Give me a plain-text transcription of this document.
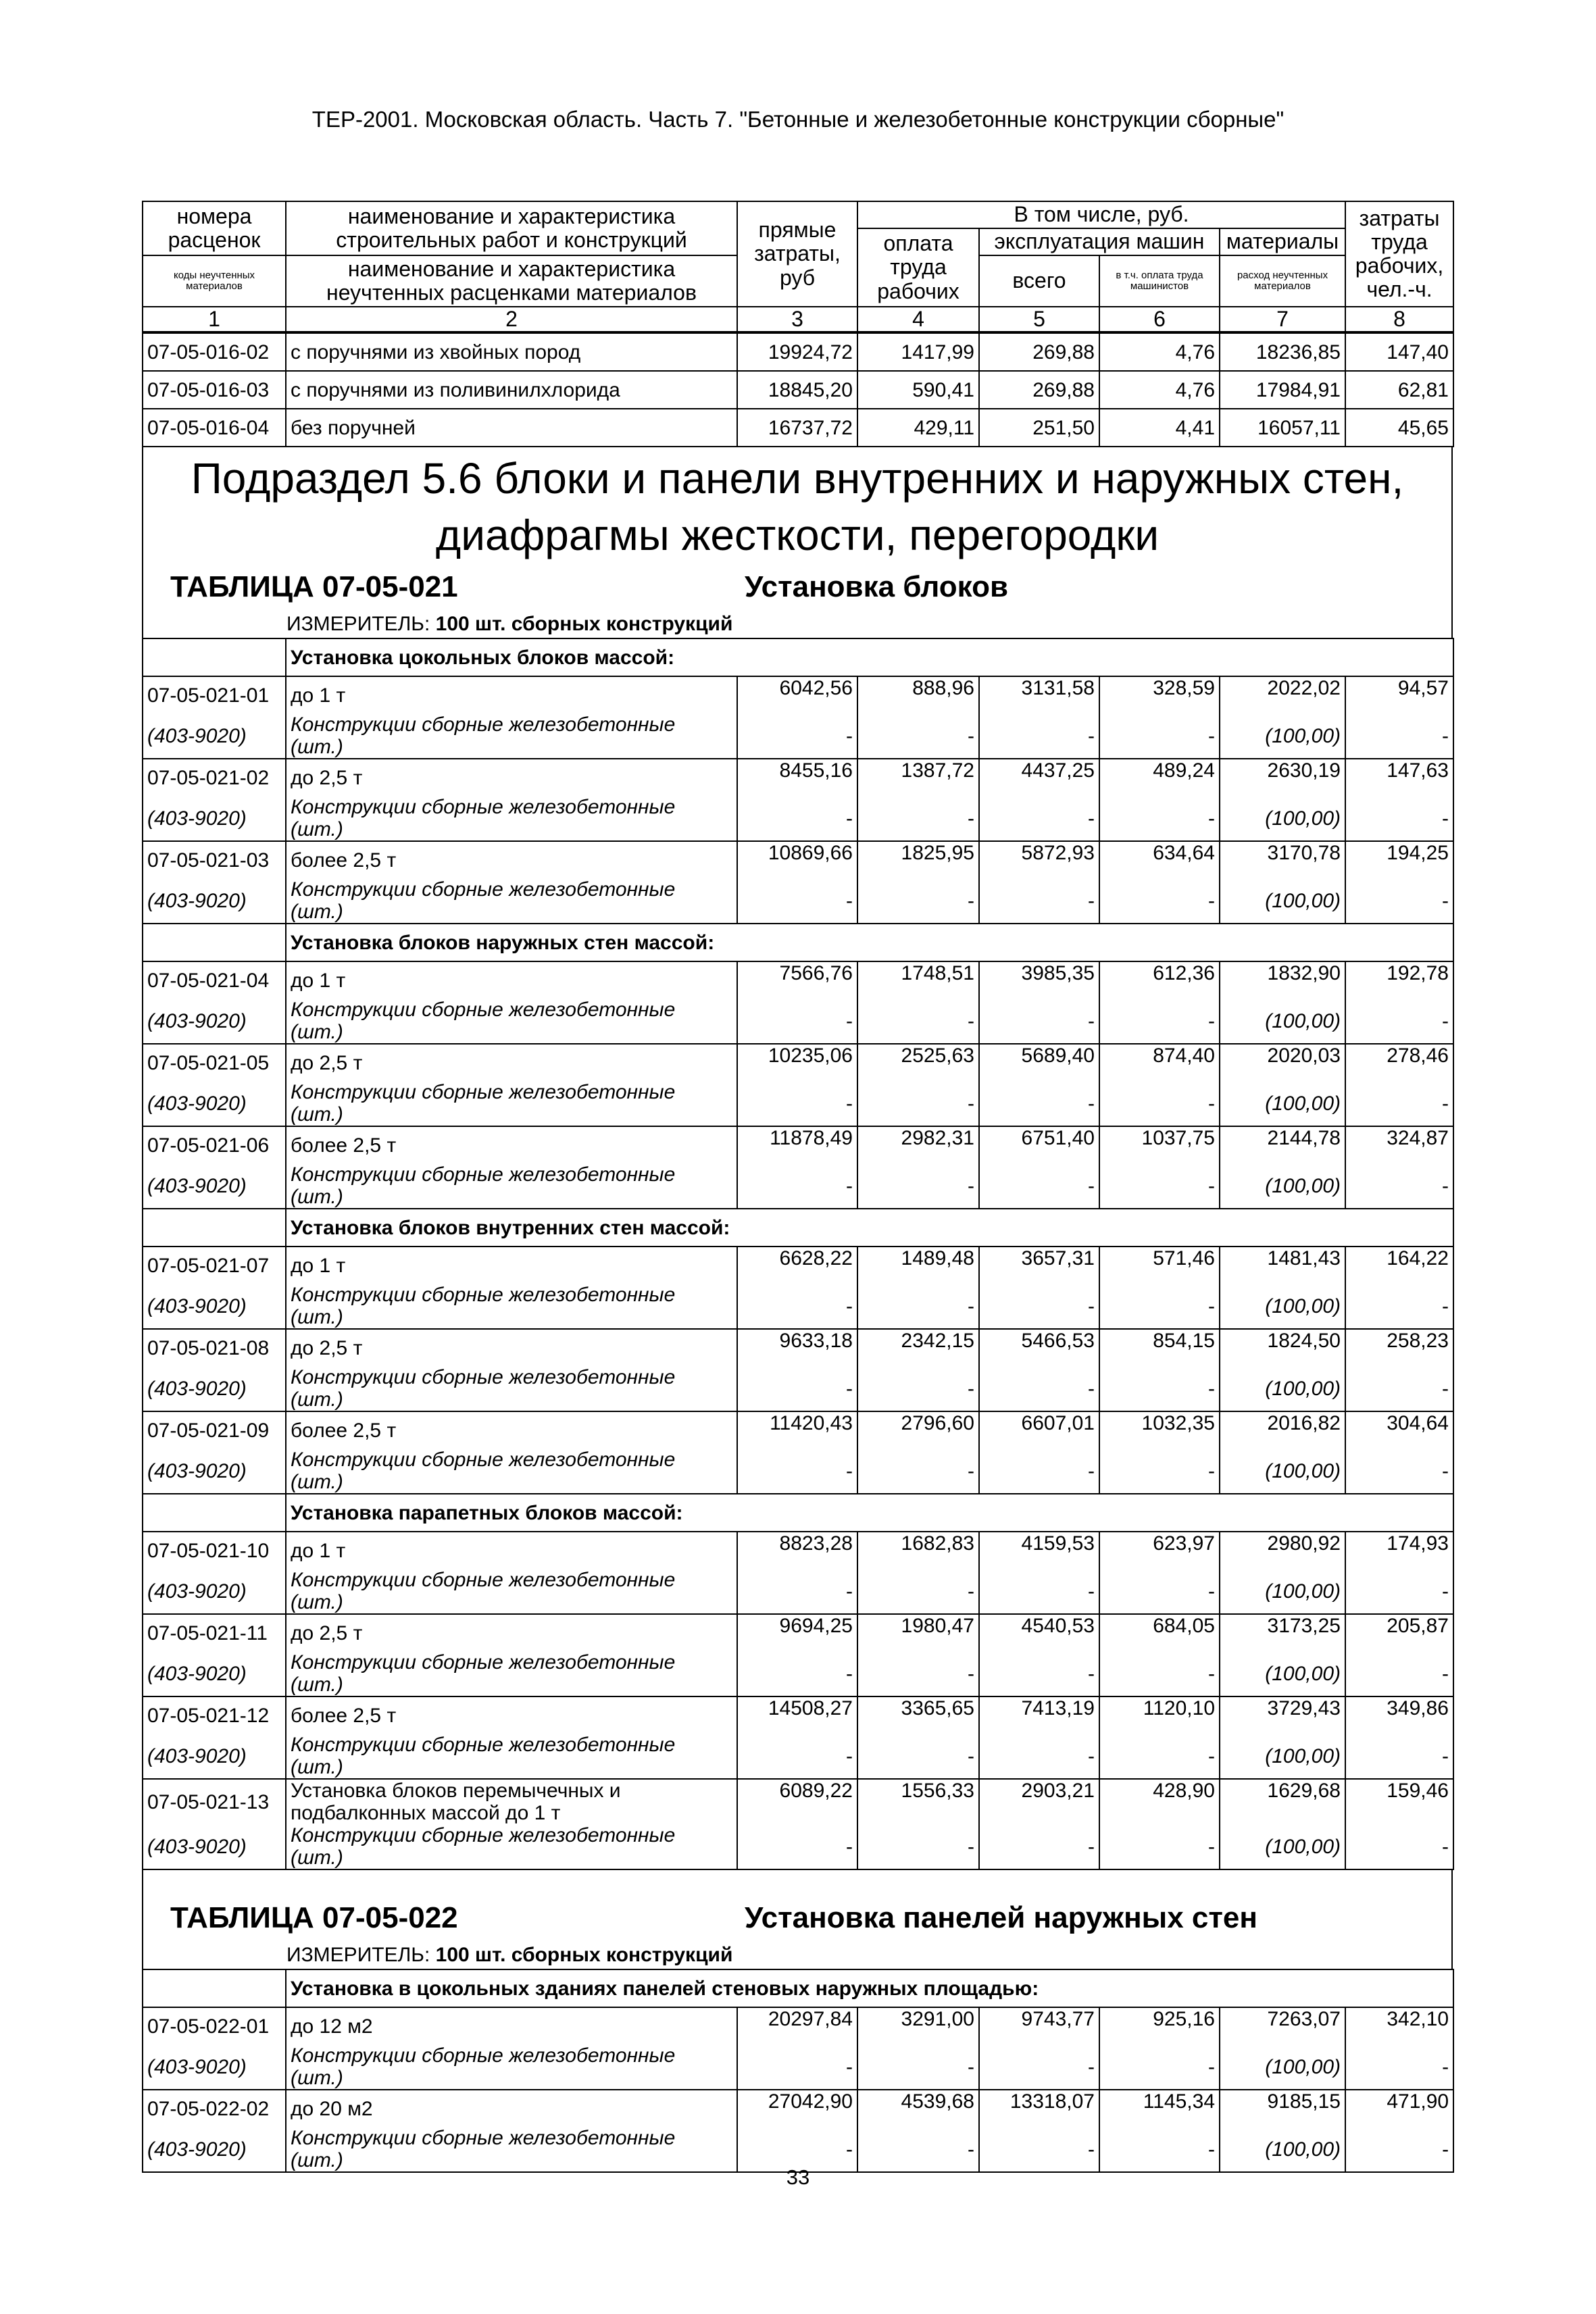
ТЕР-2001. Московская область. Часть 7. "Бетонные и железобетонные конструкции сборные"
номера расценок	наименование и характеристика строительных работ и конструкций	прямые затраты, руб	В том числе, руб.				затраты труда рабочих, чел.-ч.
			оплата труда рабочих	эксплуатация машин		материалы	
коды неучтенных материалов	наименование и характеристика неучтенных расценками материалов			всего	в т.ч. оплата труда машинистов	расход неучтенных материалов	

1	2	3	4	5	6	7	8
07-05-016-02	с поручнями из хвойных пород	19924,72	1417,99	269,88	4,76	18236,85	147,40
07-05-016-03	с поручнями из поливинилхлорида	18845,20	590,41	269,88	4,76	17984,91	62,81
07-05-016-04	без поручней	16737,72	429,11	251,50	4,41	16057,11	45,65
Подраздел 5.6 блоки и панели внутренних и наружных стен,
диафрагмы жесткости, перегородки
ТАБЛИЦА 07-05-021	Установка блоков
ИЗМЕРИТЕЛЬ: 100 шт. сборных конструкций
	Установка цокольных блоков массой:						
07-05-021-01	до 1 т	6042,56	888,96	3131,58	328,59	2022,02	94,57
(403-9020)	Конструкции сборные железобетонные (шт.)	-	-	-	-	(100,00)	-
07-05-021-02	до 2,5 т	8455,16	1387,72	4437,25	489,24	2630,19	147,63
(403-9020)	Конструкции сборные железобетонные (шт.)	-	-	-	-	(100,00)	-
07-05-021-03	более 2,5 т	10869,66	1825,95	5872,93	634,64	3170,78	194,25
(403-9020)	Конструкции сборные железобетонные (шт.)	-	-	-	-	(100,00)	-
	Установка блоков наружных стен массой:						
07-05-021-04	до 1 т	7566,76	1748,51	3985,35	612,36	1832,90	192,78
(403-9020)	Конструкции сборные железобетонные (шт.)	-	-	-	-	(100,00)	-
07-05-021-05	до 2,5 т	10235,06	2525,63	5689,40	874,40	2020,03	278,46
(403-9020)	Конструкции сборные железобетонные (шт.)	-	-	-	-	(100,00)	-
07-05-021-06	более 2,5 т	11878,49	2982,31	6751,40	1037,75	2144,78	324,87
(403-9020)	Конструкции сборные железобетонные (шт.)	-	-	-	-	(100,00)	-
	Установка блоков внутренних стен массой:						
07-05-021-07	до 1 т	6628,22	1489,48	3657,31	571,46	1481,43	164,22
(403-9020)	Конструкции сборные железобетонные (шт.)	-	-	-	-	(100,00)	-
07-05-021-08	до 2,5 т	9633,18	2342,15	5466,53	854,15	1824,50	258,23
(403-9020)	Конструкции сборные железобетонные (шт.)	-	-	-	-	(100,00)	-
07-05-021-09	более 2,5 т	11420,43	2796,60	6607,01	1032,35	2016,82	304,64
(403-9020)	Конструкции сборные железобетонные (шт.)	-	-	-	-	(100,00)	-
	Установка парапетных блоков массой:						
07-05-021-10	до 1 т	8823,28	1682,83	4159,53	623,97	2980,92	174,93
(403-9020)	Конструкции сборные железобетонные (шт.)	-	-	-	-	(100,00)	-
07-05-021-11	до 2,5 т	9694,25	1980,47	4540,53	684,05	3173,25	205,87
(403-9020)	Конструкции сборные железобетонные (шт.)	-	-	-	-	(100,00)	-
07-05-021-12	более 2,5 т	14508,27	3365,65	7413,19	1120,10	3729,43	349,86
(403-9020)	Конструкции сборные железобетонные (шт.)	-	-	-	-	(100,00)	-
07-05-021-13	Установка блоков перемычечных и подбалконных массой до 1 т	6089,22	1556,33	2903,21	428,90	1629,68	159,46
(403-9020)	Конструкции сборные железобетонные (шт.)	-	-	-	-	(100,00)	-
ТАБЛИЦА 07-05-022	Установка панелей наружных стен
ИЗМЕРИТЕЛЬ: 100 шт. сборных конструкций
	Установка в цокольных зданиях панелей стеновых наружных площадью:						
07-05-022-01	до 12 м2	20297,84	3291,00	9743,77	925,16	7263,07	342,10
(403-9020)	Конструкции сборные железобетонные (шт.)	-	-	-	-	(100,00)	-
07-05-022-02	до 20 м2	27042,90	4539,68	13318,07	1145,34	9185,15	471,90
(403-9020)	Конструкции сборные железобетонные (шт.)	-	-	-	-	(100,00)	-
33
